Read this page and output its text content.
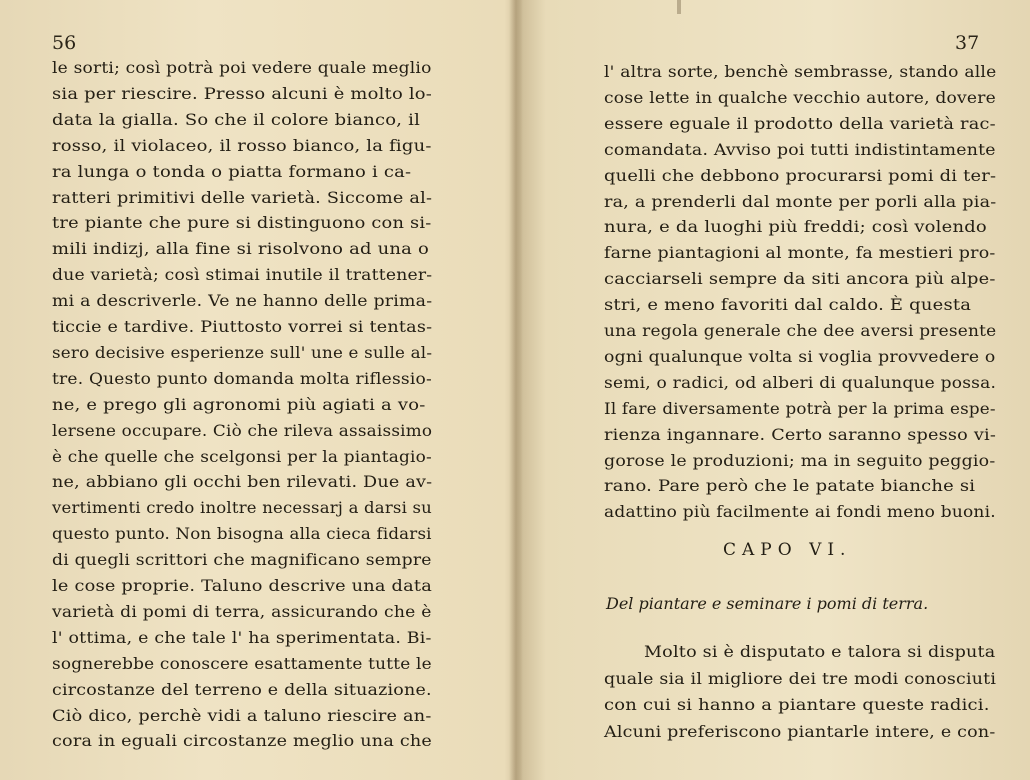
56
le sorti; così potrà poi vedere quale meglio
sia per riescire. Presso alcuni è molto lo-
data la gialla. So che il colore bianco, il
rosso, il violaceo, il rosso bianco, la figu-
ra lunga o tonda o piatta formano i ca-
ratteri primitivi delle varietà. Siccome al-
tre piante che pure si distinguono con si-
mili indizj, alla fine si risolvono ad una o
due varietà; così stimai inutile il trattener-
mi a descriverle. Ve ne hanno delle prima-
ticcie e tardive. Piuttosto vorrei si tentas-
sero decisive esperienze sull' une e sulle al-
tre. Questo punto domanda molta riflessio-
ne, e prego gli agronomi più agiati a vo-
lersene occupare. Ciò che rileva assaissimo
è che quelle che scelgonsi per la piantagio-
ne, abbiano gli occhi ben rilevati. Due av-
vertimenti credo inoltre necessarj a darsi su
questo punto. Non bisogna alla cieca fidarsi
di quegli scrittori che magnificano sempre
le cose proprie. Taluno descrive una data
varietà di pomi di terra, assicurando che è
l' ottima, e che tale l' ha sperimentata. Bi-
sognerebbe conoscere esattamente tutte le
circostanze del terreno e della situazione.
Ciò dico, perchè vidi a taluno riescire an-
cora in eguali circostanze meglio una che
37
l' altra sorte, benchè sembrasse, stando alle
cose lette in qualche vecchio autore, dovere
essere eguale il prodotto della varietà rac-
comandata. Avviso poi tutti indistintamente
quelli che debbono procurarsi pomi di ter-
ra, a prenderli dal monte per porli alla pia-
nura, e da luoghi più freddi; così volendo
farne piantagioni al monte, fa mestieri pro-
cacciarseli sempre da siti ancora più alpe-
stri, e meno favoriti dal caldo. È questa
una regola generale che dee aversi presente
ogni qualunque volta si voglia provvedere o
semi, o radici, od alberi di qualunque possa.
Il fare diversamente potrà per la prima espe-
rienza ingannare. Certo saranno spesso vi-
gorose le produzioni; ma in seguito peggio-
rano. Pare però che le patate bianche si
adattino più facilmente ai fondi meno buoni.
CAPO VI.
Del piantare e seminare i pomi di terra.
Molto si è disputato e talora si disputa
quale sia il migliore dei tre modi conosciuti
con cui si hanno a piantare queste radici.
Alcuni preferiscono piantarle intere, e con-
